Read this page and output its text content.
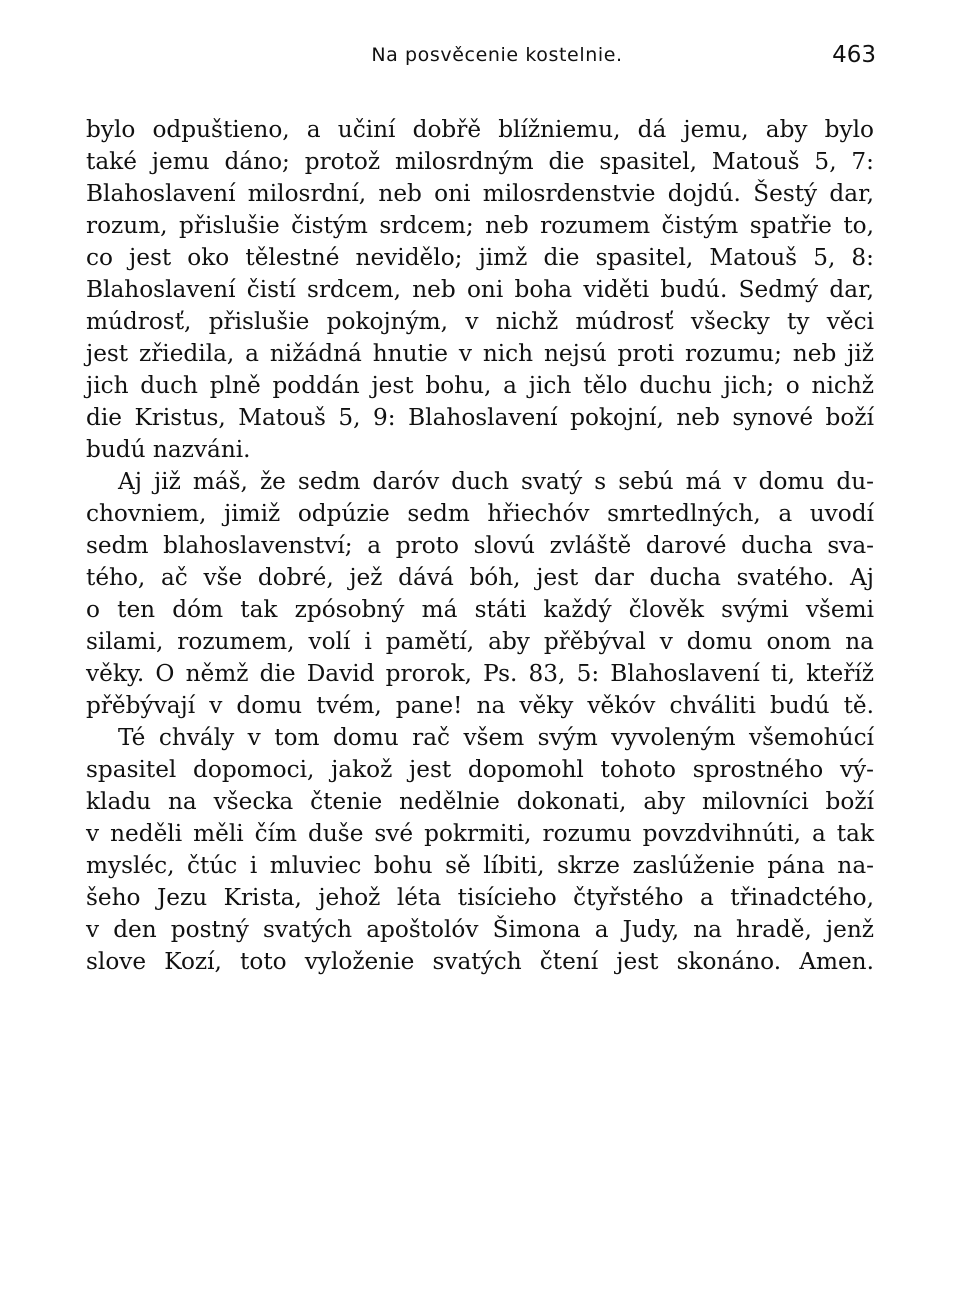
Na posvěcenie kostelnie.	463
bylo odpuštieno, a učiní dobřě blížniemu, dá jemu, aby bylo
také jemu dáno; protož milosrdným die spasitel, Matouš 5, 7:
Blahoslavení milosrdní, neb oni milosrdenstvie dojdú. Šestý dar,
rozum, přislušie čistým srdcem; neb rozumem čistým spatřie to,
co jest oko tělestné nevidělo; jimž die spasitel, Matouš 5, 8:
Blahoslavení čistí srdcem, neb oni boha viděti budú. Sedmý dar,
múdrosť, přislušie pokojným, v nichž múdrosť všecky ty věci
jest zřiedila, a nižádná hnutie v nich nejsú proti rozumu; neb již
jich duch plně poddán jest bohu, a jich tělo duchu jich; o nichž
die Kristus, Matouš 5, 9: Blahoslavení pokojní, neb synové boží
budú nazváni.
Aj již máš, že sedm daróv duch svatý s sebú má v domu du-
chovniem, jimiž odpúzie sedm hřiechóv smrtedlných, a uvodí
sedm blahoslavenství; a proto slovú zvláště darové ducha sva-
tého, ač vše dobré, jež dává bóh, jest dar ducha svatého. Aj
o ten dóm tak zpósobný má státi každý člověk svými všemi
silami, rozumem, volí i pamětí, aby přěbýval v domu onom na
věky. O němž die David prorok, Ps. 83, 5: Blahoslavení ti, kteříž
přěbývají v domu tvém, pane! na věky věkóv chváliti budú tě.
Té chvály v tom domu rač všem svým vyvoleným všemohúcí
spasitel dopomoci, jakož jest dopomohl tohoto sprostného vý-
kladu na všecka čtenie nedělnie dokonati, aby milovníci boží
v neděli měli čím duše své pokrmiti, rozumu povzdvihnúti, a tak
mysléc, čtúc i mluviec bohu sě líbiti, skrze zaslúženie pána na-
šeho Jezu Krista, jehož léta tisícieho čtyřstého a třinadctého,
v den postný svatých apoštolóv Šimona a Judy, na hradě, jenž
slove Kozí, toto vyloženie svatých čtení jest skonáno. Amen.
